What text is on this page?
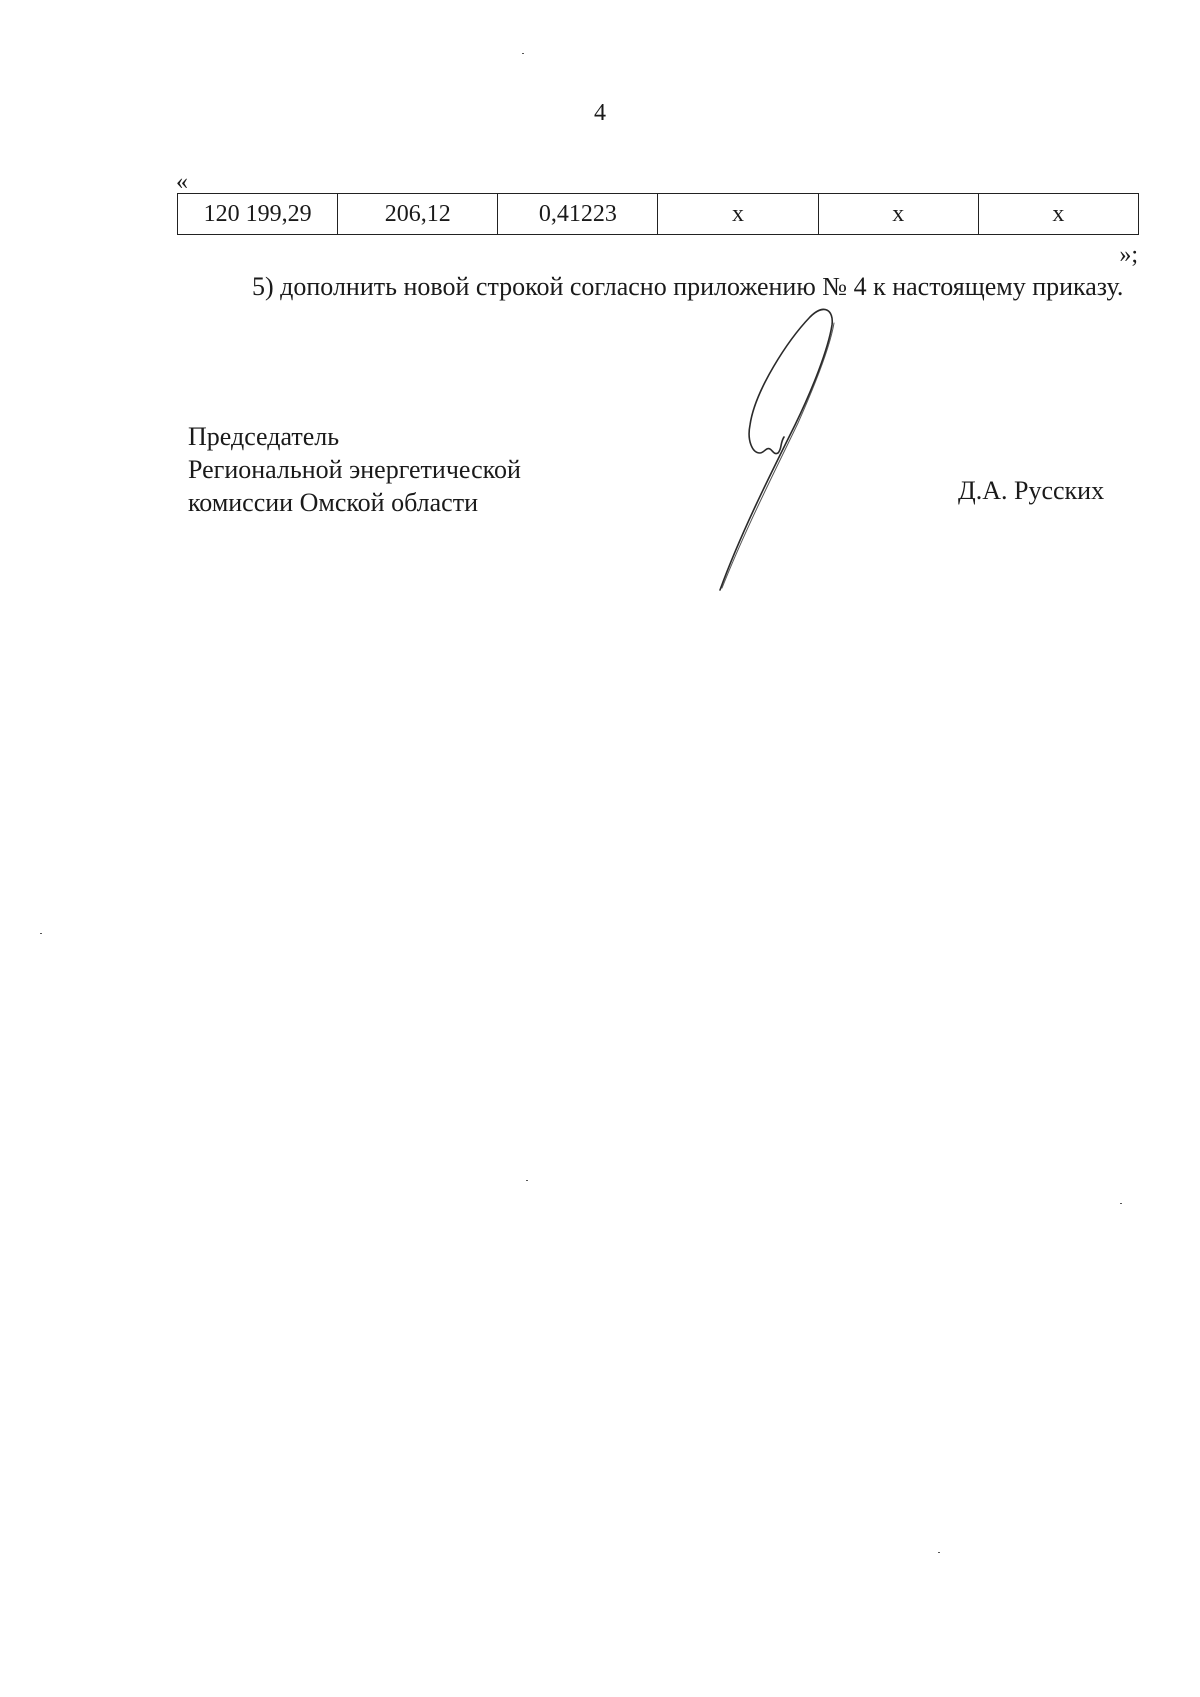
4
«
120 199,29	206,12	0,41223	x	x	x
»;

5) дополнить новой строкой согласно приложению № 4 к настоящему приказу.

Председатель
Региональной энергетической
комиссии Омской области	Д.А. Русских
